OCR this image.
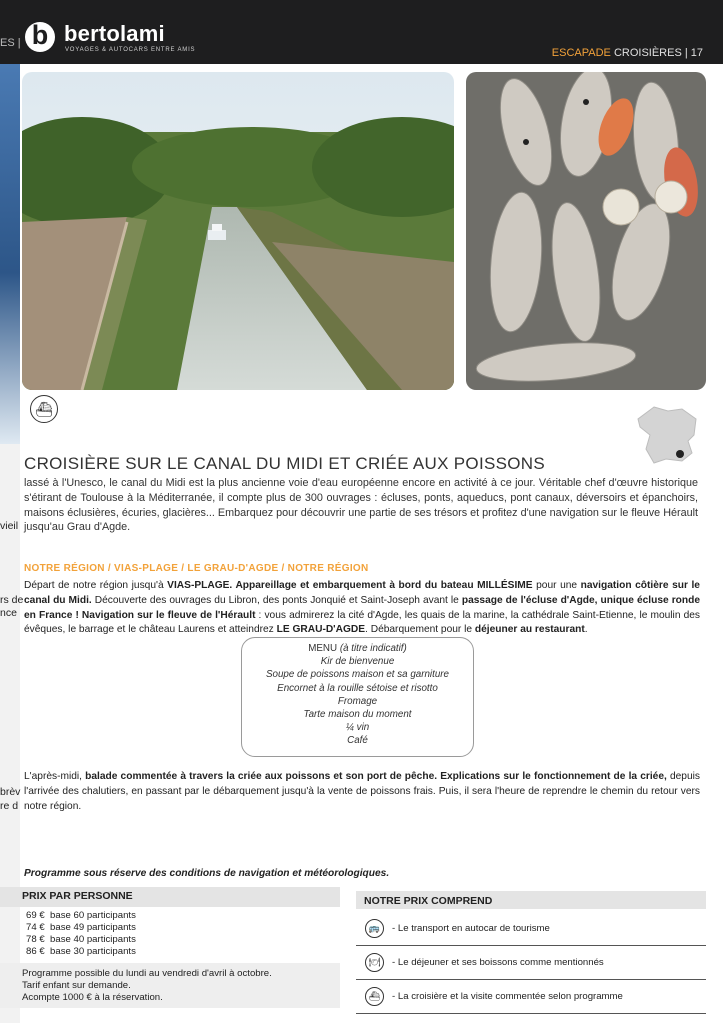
ES | b bertolami
VOYAGES & AUTOCARS ENTRE AMIS	ESCAPADE CROISIÈRES | 17
⛴
CROISIÈRE SUR LE CANAL DU MIDI ET CRIÉE AUX POISSONS
lassé à l'Unesco, le canal du Midi est la plus ancienne voie d'eau européenne encore en activité à ce jour. Véritable chef d'œuvre historique s'étirant de Toulouse à la Méditerranée, il compte plus de 300 ouvrages : écluses, ponts, aqueducs, pont canaux, déversoirs et épanchoirs, maisons éclusières, écuries, glacières... Embarquez pour découvrir une partie de ses trésors et profitez d'une navigation sur le fleuve Hérault jusqu'au Grau d'Agde.
vieil
rs de
nce
brèv
re d
NOTRE RÉGION / VIAS-PLAGE / LE GRAU-D'AGDE / NOTRE RÉGION
Départ de notre région jusqu'à VIAS-PLAGE. Appareillage et embarquement à bord du bateau MILLÉSIME pour une navigation côtière sur le canal du Midi. Découverte des ouvrages du Libron, des ponts Jonquié et Saint-Joseph avant le passage de l'écluse d'Agde, unique écluse ronde en France ! Navigation sur le fleuve de l'Hérault : vous admirerez la cité d'Agde, les quais de la marine, la cathédrale Saint-Etienne, le moulin des évêques, le barrage et le château Laurens et atteindrez LE GRAU-D'AGDE. Débarquement pour le déjeuner au restaurant.
MENU (à titre indicatif)
Kir de bienvenue
Soupe de poissons maison et sa garniture
Encornet à la rouille sétoise et risotto
Fromage
Tarte maison du moment
¼ vin
Café
L'après-midi, balade commentée à travers la criée aux poissons et son port de pêche. Explications sur le fonctionnement de la criée, depuis l'arrivée des chalutiers, en passant par le débarquement jusqu'à la vente de poissons frais. Puis, il sera l'heure de reprendre le chemin du retour vers notre région.
Programme sous réserve des conditions de navigation et météorologiques.
PRIX PAR PERSONNE
69 € base 60 participants
74 € base 49 participants
78 € base 40 participants
86 € base 30 participants
Programme possible du lundi au vendredi d'avril à octobre.
Tarif enfant sur demande.
Acompte 1000 € à la réservation.
NOTRE PRIX COMPREND
🚌	- Le transport en autocar de tourisme
🍽	- Le déjeuner et ses boissons comme mentionnés
⛴	- La croisière et la visite commentée selon programme
